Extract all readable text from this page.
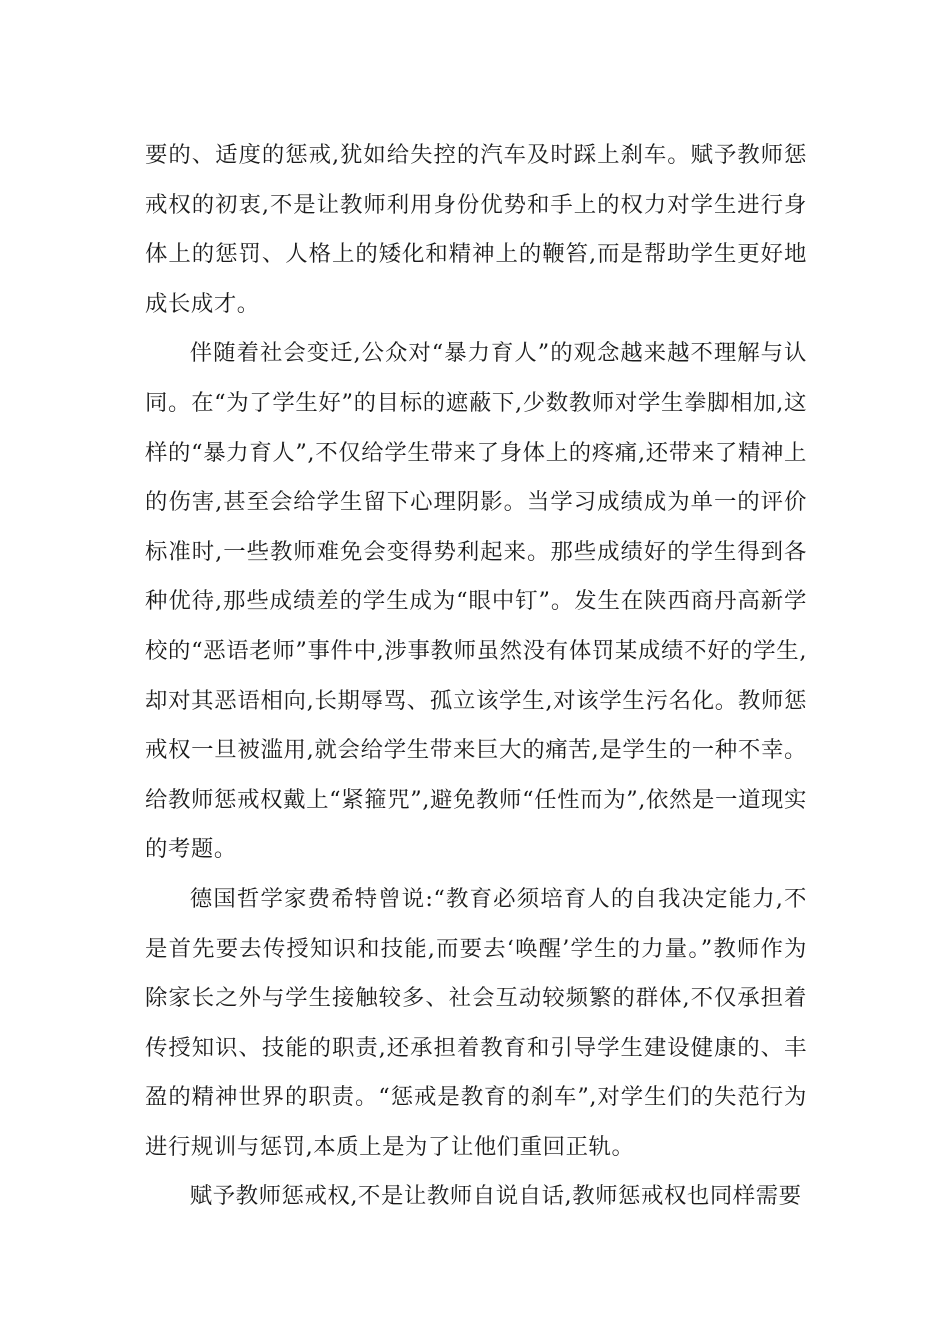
要的、适度的惩戒,犹如给失控的汽车及时踩上刹车。赋予教师惩戒权的初衷,不是让教师利用身份优势和手上的权力对学生进行身体上的惩罚、人格上的矮化和精神上的鞭笞,而是帮助学生更好地成长成才。

伴随着社会变迁,公众对“暴力育人”的观念越来越不理解与认同。在“为了学生好”的目标的遮蔽下,少数教师对学生拳脚相加,这样的“暴力育人”,不仅给学生带来了身体上的疼痛,还带来了精神上的伤害,甚至会给学生留下心理阴影。当学习成绩成为单一的评价标准时,一些教师难免会变得势利起来。那些成绩好的学生得到各种优待,那些成绩差的学生成为“眼中钉”。发生在陕西商丹高新学校的“恶语老师”事件中,涉事教师虽然没有体罚某成绩不好的学生,却对其恶语相向,长期辱骂、孤立该学生,对该学生污名化。教师惩戒权一旦被滥用,就会给学生带来巨大的痛苦,是学生的一种不幸。给教师惩戒权戴上“紧箍咒”,避免教师“任性而为”,依然是一道现实的考题。

德国哲学家费希特曾说:“教育必须培育人的自我决定能力,不是首先要去传授知识和技能,而要去‘唤醒’学生的力量。”教师作为除家长之外与学生接触较多、社会互动较频繁的群体,不仅承担着传授知识、技能的职责,还承担着教育和引导学生建设健康的、丰盈的精神世界的职责。“惩戒是教育的刹车”,对学生们的失范行为进行规训与惩罚,本质上是为了让他们重回正轨。

赋予教师惩戒权,不是让教师自说自话,教师惩戒权也同样需要
